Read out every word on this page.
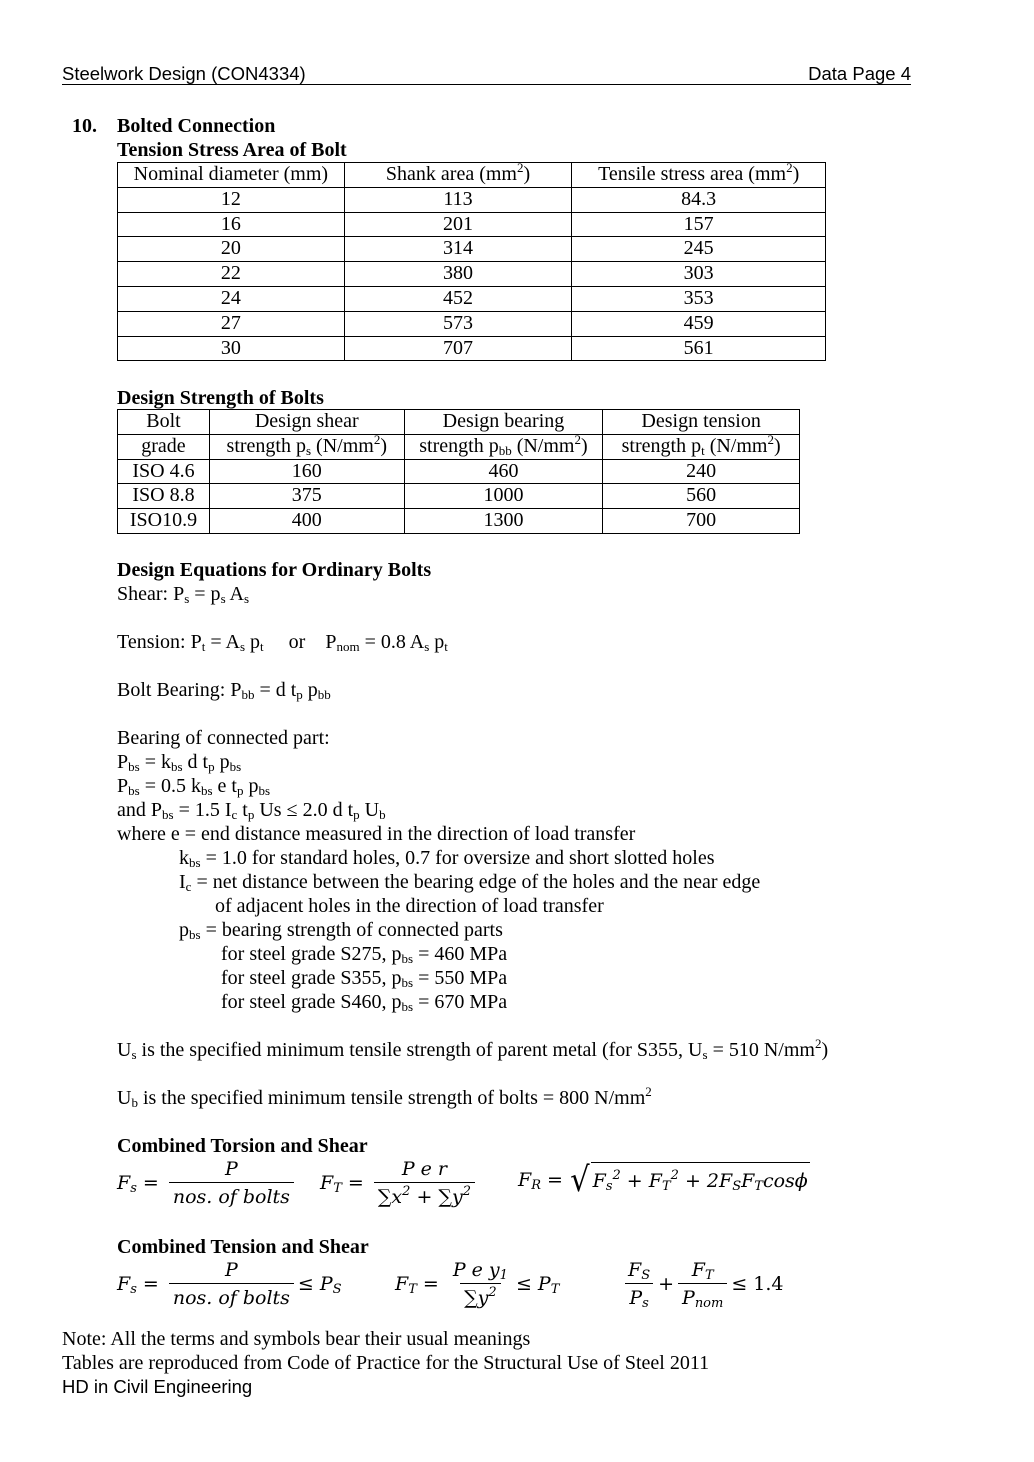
Steelwork Design (CON4334)	Data Page 4
10. Bolted Connection
Tension Stress Area of Bolt
Nominal diameter (mm)	Shank area $(mm^2)$	Tensile stress area $(mm^2)$
12	113	84.3
16	201	157
20	314	245
22	380	303
24	452	353
27	573	459
30	707	561
Design Strength of Bolts
Bolt	Design shear	Design bearing	Design tension
grade	strength $p_s$ $(N/mm^2)$	strength $p_{bb}$ $(N/mm^2)$	strength $p_t$ $(N/mm^2)$
ISO 4.6	160	460	240
ISO 8.8	375	1000	560
ISO10.9	400	1300	700
Design Equations for Ordinary Bolts
Shear: $P_s = p_s$ $A_s$
Tension: $P_t = A_s$ $p_t$ or    $P_{nom} = 0.8$ $A_s$ $p_t$
Bolt Bearing: $P_{bb} = d$ $t_p$ $p_{bb}$
Bearing of connected part:
$P_{bs} = k_{bs}$ d $t_p$ $p_{bs}$
$P_{bs} = 0.5$ $k_{bs}$ e $t_p$ $p_{bs}$
and $P_{bs} = 1.5$ $I_c$ $t_p$ Us ≤ 2.0 d $t_p$ $U_b$
where e = end distance measured in the direction of load transfer
$k_{bs} = 1.0$ for standard holes, 0.7 for oversize and short slotted holes
$I_c$ = net distance between the bearing edge of the holes and the near edge
of adjacent holes in the direction of load transfer
$p_{bs}$ = bearing strength of connected parts
for steel grade S275, $p_{bs} = 460$ MPa
for steel grade S355, $p_{bs} = 550$ MPa
for steel grade S460, $p_{bs} = 670$ MPa
$U_s$ is the specified minimum tensile strength of parent metal (for S355, $U_s = 510$ $N/mm^2$)
$U_b$ is the specified minimum tensile strength of bolts = 800 $N/mm^2$
Combined Torsion and Shear
$F_s = \frac{P}{\text{nos. of bolts}} F_T = \frac{\text{P e r}}{\sum x^2 + \sum y^2} F_R$ = √ $F_s^2 + F_T^2 + 2F_SF_T\cos\phi$
Combined Tension and Shear
$F_s = \frac{P}{\text{nos. of bolts}} \le P_S$	$F_T = \frac{P e y_1}{\sum y^2} \le P_T$	$\frac{F_S}{P_s} + \frac{F_T}{P_{nom}} \le 1.4$
Note: All the terms and symbols bear their usual meanings
Tables are reproduced from Code of Practice for the Structural Use of Steel 2011
HD in Civil Engineering
